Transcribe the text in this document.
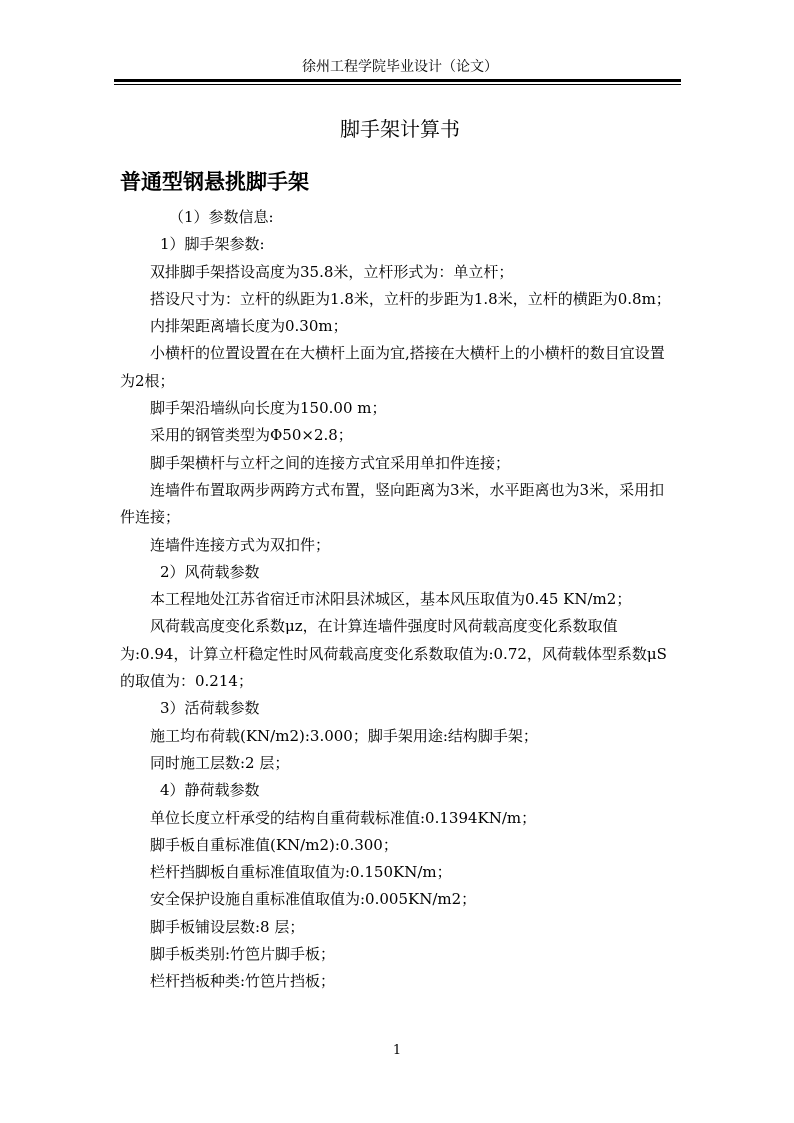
徐州工程学院毕业设计（论文）
脚手架计算书
普通型钢悬挑脚手架

（1）参数信息:

1）脚手架参数:

双排脚手架搭设高度为35.8米，立杆形式为：单立杆；

搭设尺寸为：立杆的纵距为1.8米，立杆的步距为1.8米，立杆的横距为0.8m；

内排架距离墙长度为0.30m；

小横杆的位置设置在在大横杆上面为宜,搭接在大横杆上的小横杆的数目宜设置为2根；

脚手架沿墙纵向长度为150.00 m；

采用的钢管类型为Φ50×2.8；

脚手架横杆与立杆之间的连接方式宜采用单扣件连接；

连墙件布置取两步两跨方式布置，竖向距离为3米，水平距离也为3米，采用扣件连接；

连墙件连接方式为双扣件；

2）风荷载参数

本工程地处江苏省宿迁市沭阳县沭城区，基本风压取值为0.45 KN/m2；

风荷载高度变化系数μz，在计算连墙件强度时风荷载高度变化系数取值为:0.94，计算立杆稳定性时风荷载高度变化系数取值为:0.72，风荷载体型系数μS 的取值为：0.214；

3）活荷载参数

施工均布荷载(KN/m2):3.000；脚手架用途:结构脚手架；

同时施工层数:2 层；

4）静荷载参数

单位长度立杆承受的结构自重荷载标准值:0.1394KN/m；

脚手板自重标准值(KN/m2):0.300；

栏杆挡脚板自重标准值取值为:0.150KN/m；

安全保护设施自重标准值取值为:0.005KN/m2；

脚手板铺设层数:8 层；

脚手板类别:竹笆片脚手板；

栏杆挡板种类:竹笆片挡板；

1
